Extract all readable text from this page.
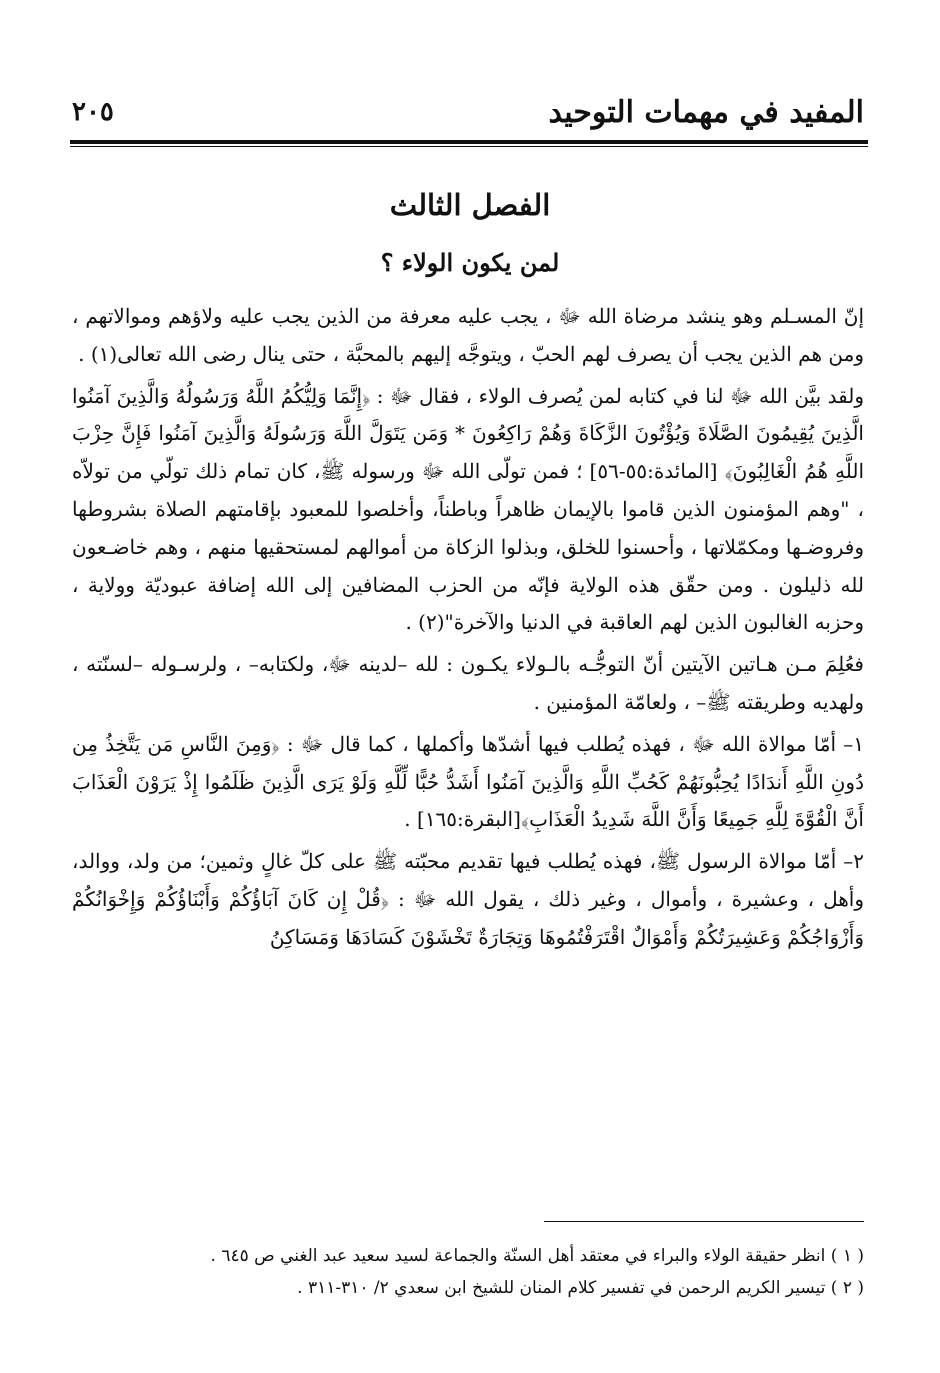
المفيد في مهمات التوحيد
٢٠٥
الفصل الثالث
لمن يكون الولاء ؟

إنّ المسـلم وهو ينشد مرضاة الله ﷻ ، يجب عليه معرفة من الذين يجب عليه ولاؤهم وموالاتهم ، ومن هم الذين يجب أن يصرف لهم الحبّ ، ويتوجَّه إليهم بالمحبَّة ، حتى ينال رضى الله تعالى(١) .

ولقد بيَّن الله ﷻ لنا في كتابه لمن يُصرف الولاء ، فقال ﷻ : ﴿إِنَّمَا وَلِيُّكُمُ اللَّهُ وَرَسُولُهُ وَالَّذِينَ آمَنُوا الَّذِينَ يُقِيمُونَ الصَّلَاةَ وَيُؤْتُونَ الزَّكَاةَ وَهُمْ رَاكِعُونَ * وَمَن يَتَوَلَّ اللَّهَ وَرَسُولَهُ وَالَّذِينَ آمَنُوا فَإِنَّ حِزْبَ اللَّهِ هُمُ الْغَالِبُونَ﴾ [المائدة:٥٥-٥٦] ؛ فمن تولّى الله ﷻ ورسوله ﷺ، كان تمام ذلك تولّي من تولاّه ، "وهم المؤمنون الذين قاموا بالإيمان ظاهراً وباطناً، وأخلصوا للمعبود بإقامتهم الصلاة بشروطها وفروضـها ومكمّلاتها ، وأحسنوا للخلق، وبذلوا الزكاة من أموالهم لمستحقيها منهم ، وهم خاضـعون لله ذليلون . ومن حقّق هذه الولاية فإنّه من الحزب المضافين إلى الله إضافة عبوديّة وولاية ، وحزبه الغالبون الذين لهم العاقبة في الدنيا والآخرة"(٢) .

فعُلِمَ مـن هـاتين الآيتين أنّ التوجُّـه بالـولاء يكـون : لله –لدينه ﷻ، ولكتابه– ، ولرسـوله –لسنّته ، ولهديه وطريقته ﷺ– ، ولعامّة المؤمنين .

١– أمّا موالاة الله ﷻ ، فهذه يُطلب فيها أشدّها وأكملها ، كما قال ﷻ : ﴿وَمِنَ النَّاسِ مَن يَتَّخِذُ مِن دُونِ اللَّهِ أَندَادًا يُحِبُّونَهُمْ كَحُبِّ اللَّهِ وَالَّذِينَ آمَنُوا أَشَدُّ حُبًّا لِّلَّهِ وَلَوْ يَرَى الَّذِينَ ظَلَمُوا إِذْ يَرَوْنَ الْعَذَابَ أَنَّ الْقُوَّةَ لِلَّهِ جَمِيعًا وَأَنَّ اللَّهَ شَدِيدُ الْعَذَابِ﴾[البقرة:١٦٥] .

٢– أمّا موالاة الرسول ﷺ، فهذه يُطلب فيها تقديم محبّته ﷺ على كلّ غالٍ وثمين؛ من ولد، ووالد، وأهل ، وعشيرة ، وأموال ، وغير ذلك ، يقول الله ﷻ : ﴿قُلْ إِن كَانَ آبَاؤُكُمْ وَأَبْنَاؤُكُمْ وَإِخْوَانُكُمْ وَأَزْوَاجُكُمْ وَعَشِيرَتُكُمْ وَأَمْوَالٌ اقْتَرَفْتُمُوهَا وَتِجَارَةٌ تَخْشَوْنَ كَسَادَهَا وَمَسَاكِنُ

( ١ ) انظر حقيقة الولاء والبراء في معتقد أهل السنّة والجماعة لسيد سعيد عبد الغني ص ٦٤٥ .
( ٢ ) تيسير الكريم الرحمن في تفسير كلام المنان للشيخ ابن سعدي ٢/ ٣١٠-٣١١ .
